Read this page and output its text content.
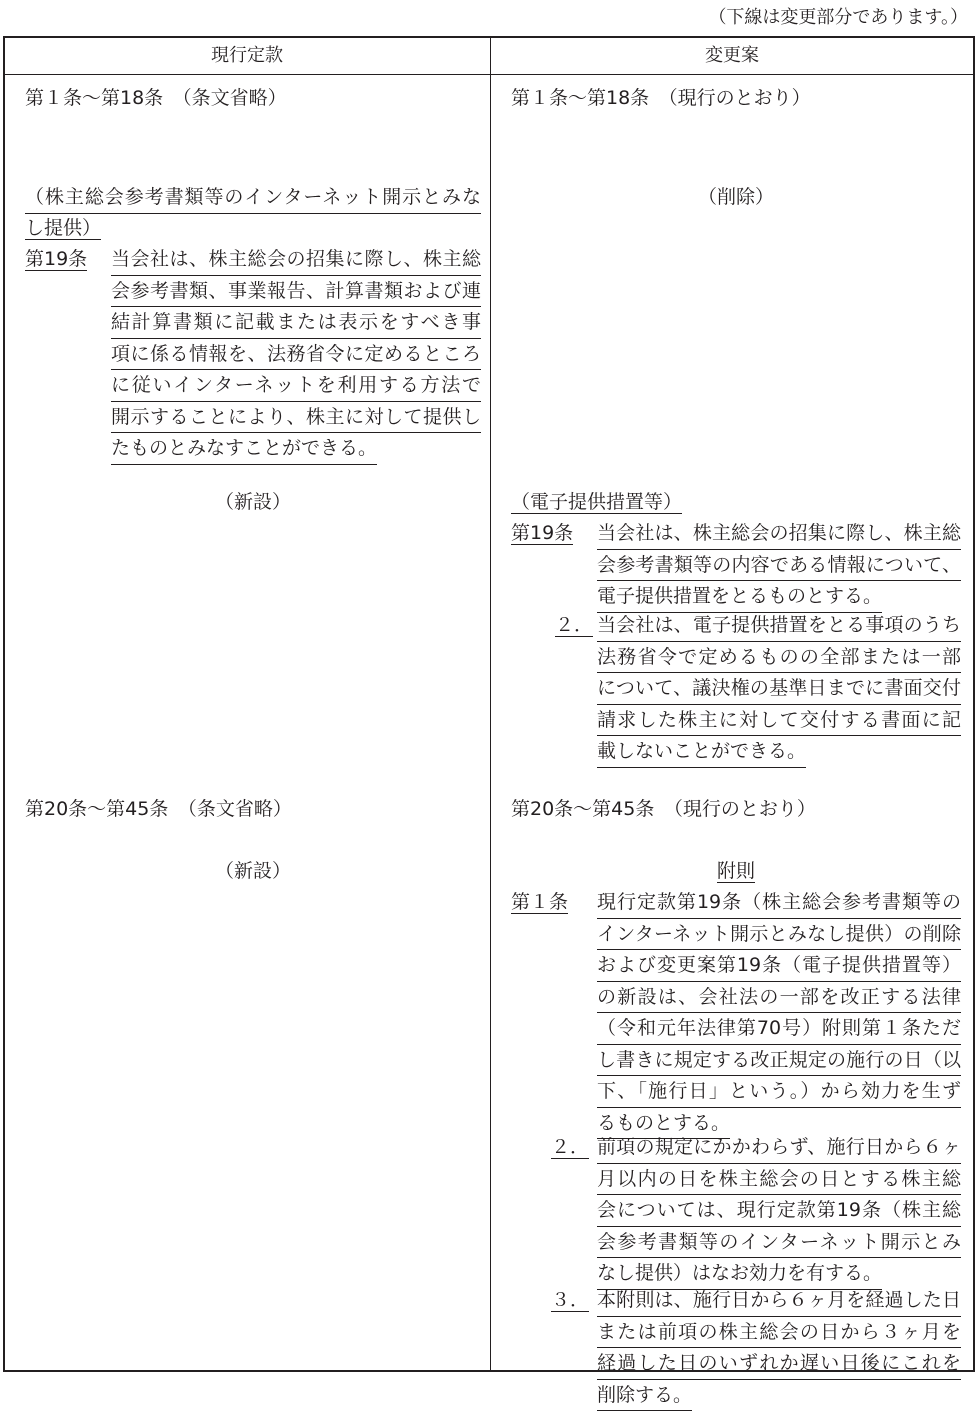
（下線は変更部分であります。）
現行定款	変更案
第１条～第18条　（条文省略）
（株主総会参考書類等のインターネット開示とみな
し提供）
第19条 当会社は、株主総会の招集に際し、株主総
会参考書類、事業報告、計算書類および連
結計算書類に記載または表示をすべき事
項に係る情報を、法務省令に定めるところ
に従いインターネットを利用する方法で
開示することにより、株主に対して提供し
たものとみなすことができる。
（新設）
第20条～第45条　（条文省略）
（新設）
第１条～第18条　（現行のとおり）
（削除）
（電子提供措置等）
第19条 当会社は、株主総会の招集に際し、株主総
会参考書類等の内容である情報について、
電子提供措置をとるものとする。
２． 当会社は、電子提供措置をとる事項のうち
法務省令で定めるものの全部または一部
について、議決権の基準日までに書面交付
請求した株主に対して交付する書面に記
載しないことができる。
第20条～第45条　（現行のとおり）
附則
第１条 現行定款第19条（株主総会参考書類等の
インターネット開示とみなし提供）の削除
および変更案第19条（電子提供措置等）
の新設は、会社法の一部を改正する法律
（令和元年法律第70号）附則第１条ただ
し書きに規定する改正規定の施行の日（以
下、「施行日」という。）から効力を生ず
るものとする。
２． 前項の規定にかかわらず、施行日から６ヶ
月以内の日を株主総会の日とする株主総
会については、現行定款第19条（株主総
会参考書類等のインターネット開示とみ
なし提供）はなお効力を有する。
３． 本附則は、施行日から６ヶ月を経過した日
または前項の株主総会の日から３ヶ月を
経過した日のいずれか遅い日後にこれを
削除する。
